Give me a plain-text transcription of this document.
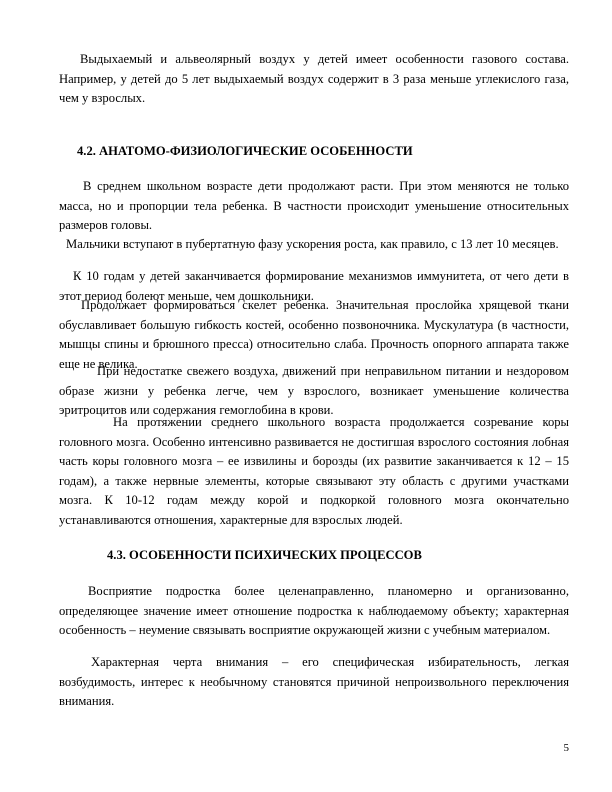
Выдыхаемый и альвеолярный воздух у детей имеет особенности газового состава. Например, у детей до 5 лет выдыхаемый воздух содержит в 3 раза меньше углекислого газа, чем у взрослых.

4.2. АНАТОМО-ФИЗИОЛОГИЧЕСКИЕ ОСОБЕННОСТИ

В среднем школьном возрасте дети продолжают расти. При этом меняются не только масса, но и пропорции тела ребенка. В частности происходит уменьшение относительных размеров головы.

Мальчики вступают в пубертатную фазу ускорения роста, как правило, с 13 лет 10 месяцев.

К 10 годам у детей заканчивается формирование механизмов иммунитета, от чего дети в этот период болеют меньше, чем дошкольники.

Продолжает формироваться скелет ребенка. Значительная прослойка хрящевой ткани обуславливает большую гибкость костей, особенно позвоночника. Мускулатура (в частности, мышцы спины и брюшного пресса) относительно слаба. Прочность опорного аппарата также еще не велика.

При недостатке свежего воздуха, движений при неправильном питании и нездоровом образе жизни у ребенка легче, чем у взрослого, возникает уменьшение количества эритроцитов или содержания гемоглобина в крови.

На протяжении среднего школьного возраста продолжается созревание коры головного мозга. Особенно интенсивно развивается не достигшая взрослого состояния лобная часть коры головного мозга – ее извилины и борозды (их развитие заканчивается к 12 – 15 годам), а также нервные элементы, которые связывают эту область с другими участками мозга. К 10-12 годам между корой и подкоркой головного мозга окончательно устанавливаются отношения, характерные для взрослых людей.

4.3. ОСОБЕННОСТИ ПСИХИЧЕСКИХ ПРОЦЕССОВ

Восприятие подростка более целенаправленно, планомерно и организованно, определяющее значение имеет отношение подростка к наблюдаемому объекту; характерная особенность – неумение связывать восприятие окружающей жизни с учебным материалом.

Характерная черта внимания – его специфическая избирательность, легкая возбудимость, интерес к необычному становятся причиной непроизвольного переключения внимания.

5
